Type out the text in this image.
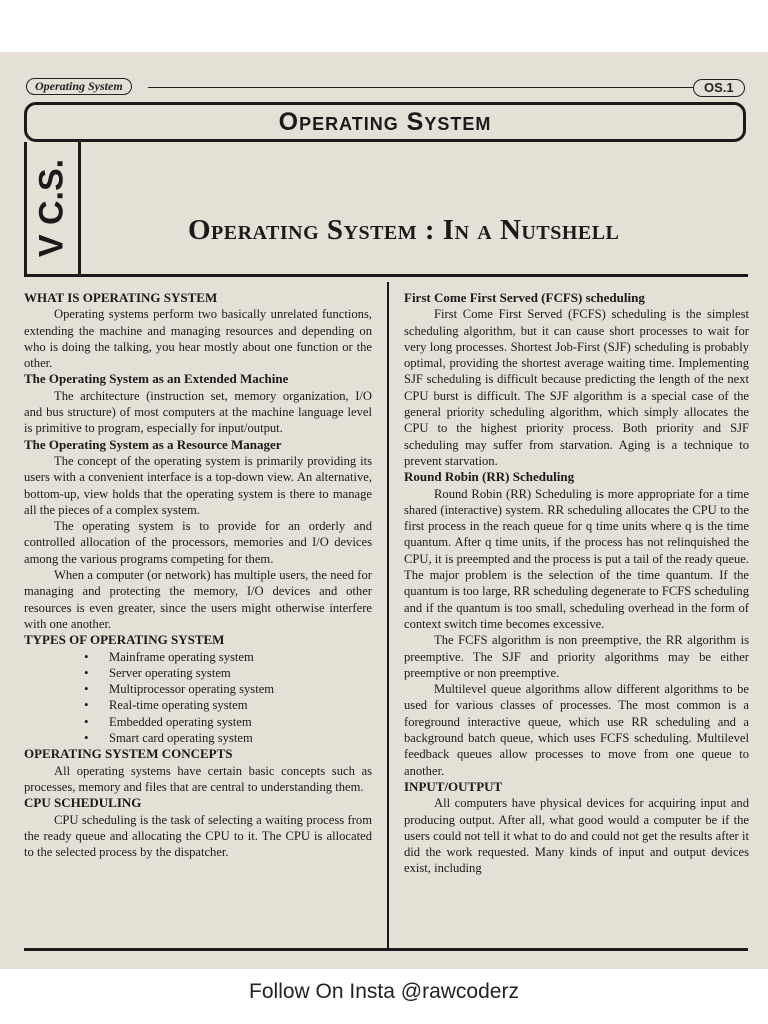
Operating System	OS.1
Operating System
V C.S.	Operating System : In a Nutshell
WHAT IS OPERATING SYSTEM

Operating systems perform two basically unrelated functions, extending the machine and managing resources and depending on who is doing the talking, you hear mostly about one function or the other.

The Operating System as an Extended Machine

The architecture (instruction set, memory organization, I/O and bus structure) of most computers at the machine language level is primitive to program, especially for input/output.

The Operating System as a Resource Manager

The concept of the operating system is primarily providing its users with a convenient interface is a top-down view. An alternative, bottom-up, view holds that the operating system is there to manage all the pieces of a complex system.

The operating system is to provide for an orderly and controlled allocation of the processors, memories and I/O devices among the various programs competing for them.

When a computer (or network) has multiple users, the need for managing and protecting the memory, I/O devices and other resources is even greater, since the users might otherwise interfere with one another.

TYPES OF OPERATING SYSTEM
• Mainframe operating system
• Server operating system
• Multiprocessor operating system
• Real-time operating system
• Embedded operating system
• Smart card operating system
OPERATING SYSTEM CONCEPTS

All operating systems have certain basic concepts such as processes, memory and files that are central to understanding them.

CPU SCHEDULING

CPU scheduling is the task of selecting a waiting process from the ready queue and allocating the CPU to it. The CPU is allocated to the selected process by the dispatcher.

First Come First Served (FCFS) scheduling

First Come First Served (FCFS) scheduling is the simplest scheduling algorithm, but it can cause short processes to wait for very long processes. Shortest Job-First (SJF) scheduling is probably optimal, providing the shortest average waiting time. Implementing SJF scheduling is difficult because predicting the length of the next CPU burst is difficult. The SJF algorithm is a special case of the general priority scheduling algorithm, which simply allocates the CPU to the highest priority process. Both priority and SJF scheduling may suffer from starvation. Aging is a technique to prevent starvation.

Round Robin (RR) Scheduling

Round Robin (RR) Scheduling is more appropriate for a time shared (interactive) system. RR scheduling allocates the CPU to the first process in the reach queue for q time units where q is the time quantum. After q time units, if the process has not relinquished the CPU, it is preempted and the process is put a tail of the ready queue. The major problem is the selection of the time quantum. If the quantum is too large, RR scheduling degenerate to FCFS scheduling and if the quantum is too small, scheduling overhead in the form of context switch time becomes excessive.

The FCFS algorithm is non preemptive, the RR algorithm is preemptive. The SJF and priority algorithms may be either preemptive or non preemptive.

Multilevel queue algorithms allow different algorithms to be used for various classes of processes. The most common is a foreground interactive queue, which use RR scheduling and a background batch queue, which uses FCFS scheduling. Multilevel feedback queues allow processes to move from one queue to another.

INPUT/OUTPUT

All computers have physical devices for acquiring input and producing output. After all, what good would a computer be if the users could not tell it what to do and could not get the results after it did the work requested. Many kinds of input and output devices exist, including

Follow On Insta @rawcoderz
